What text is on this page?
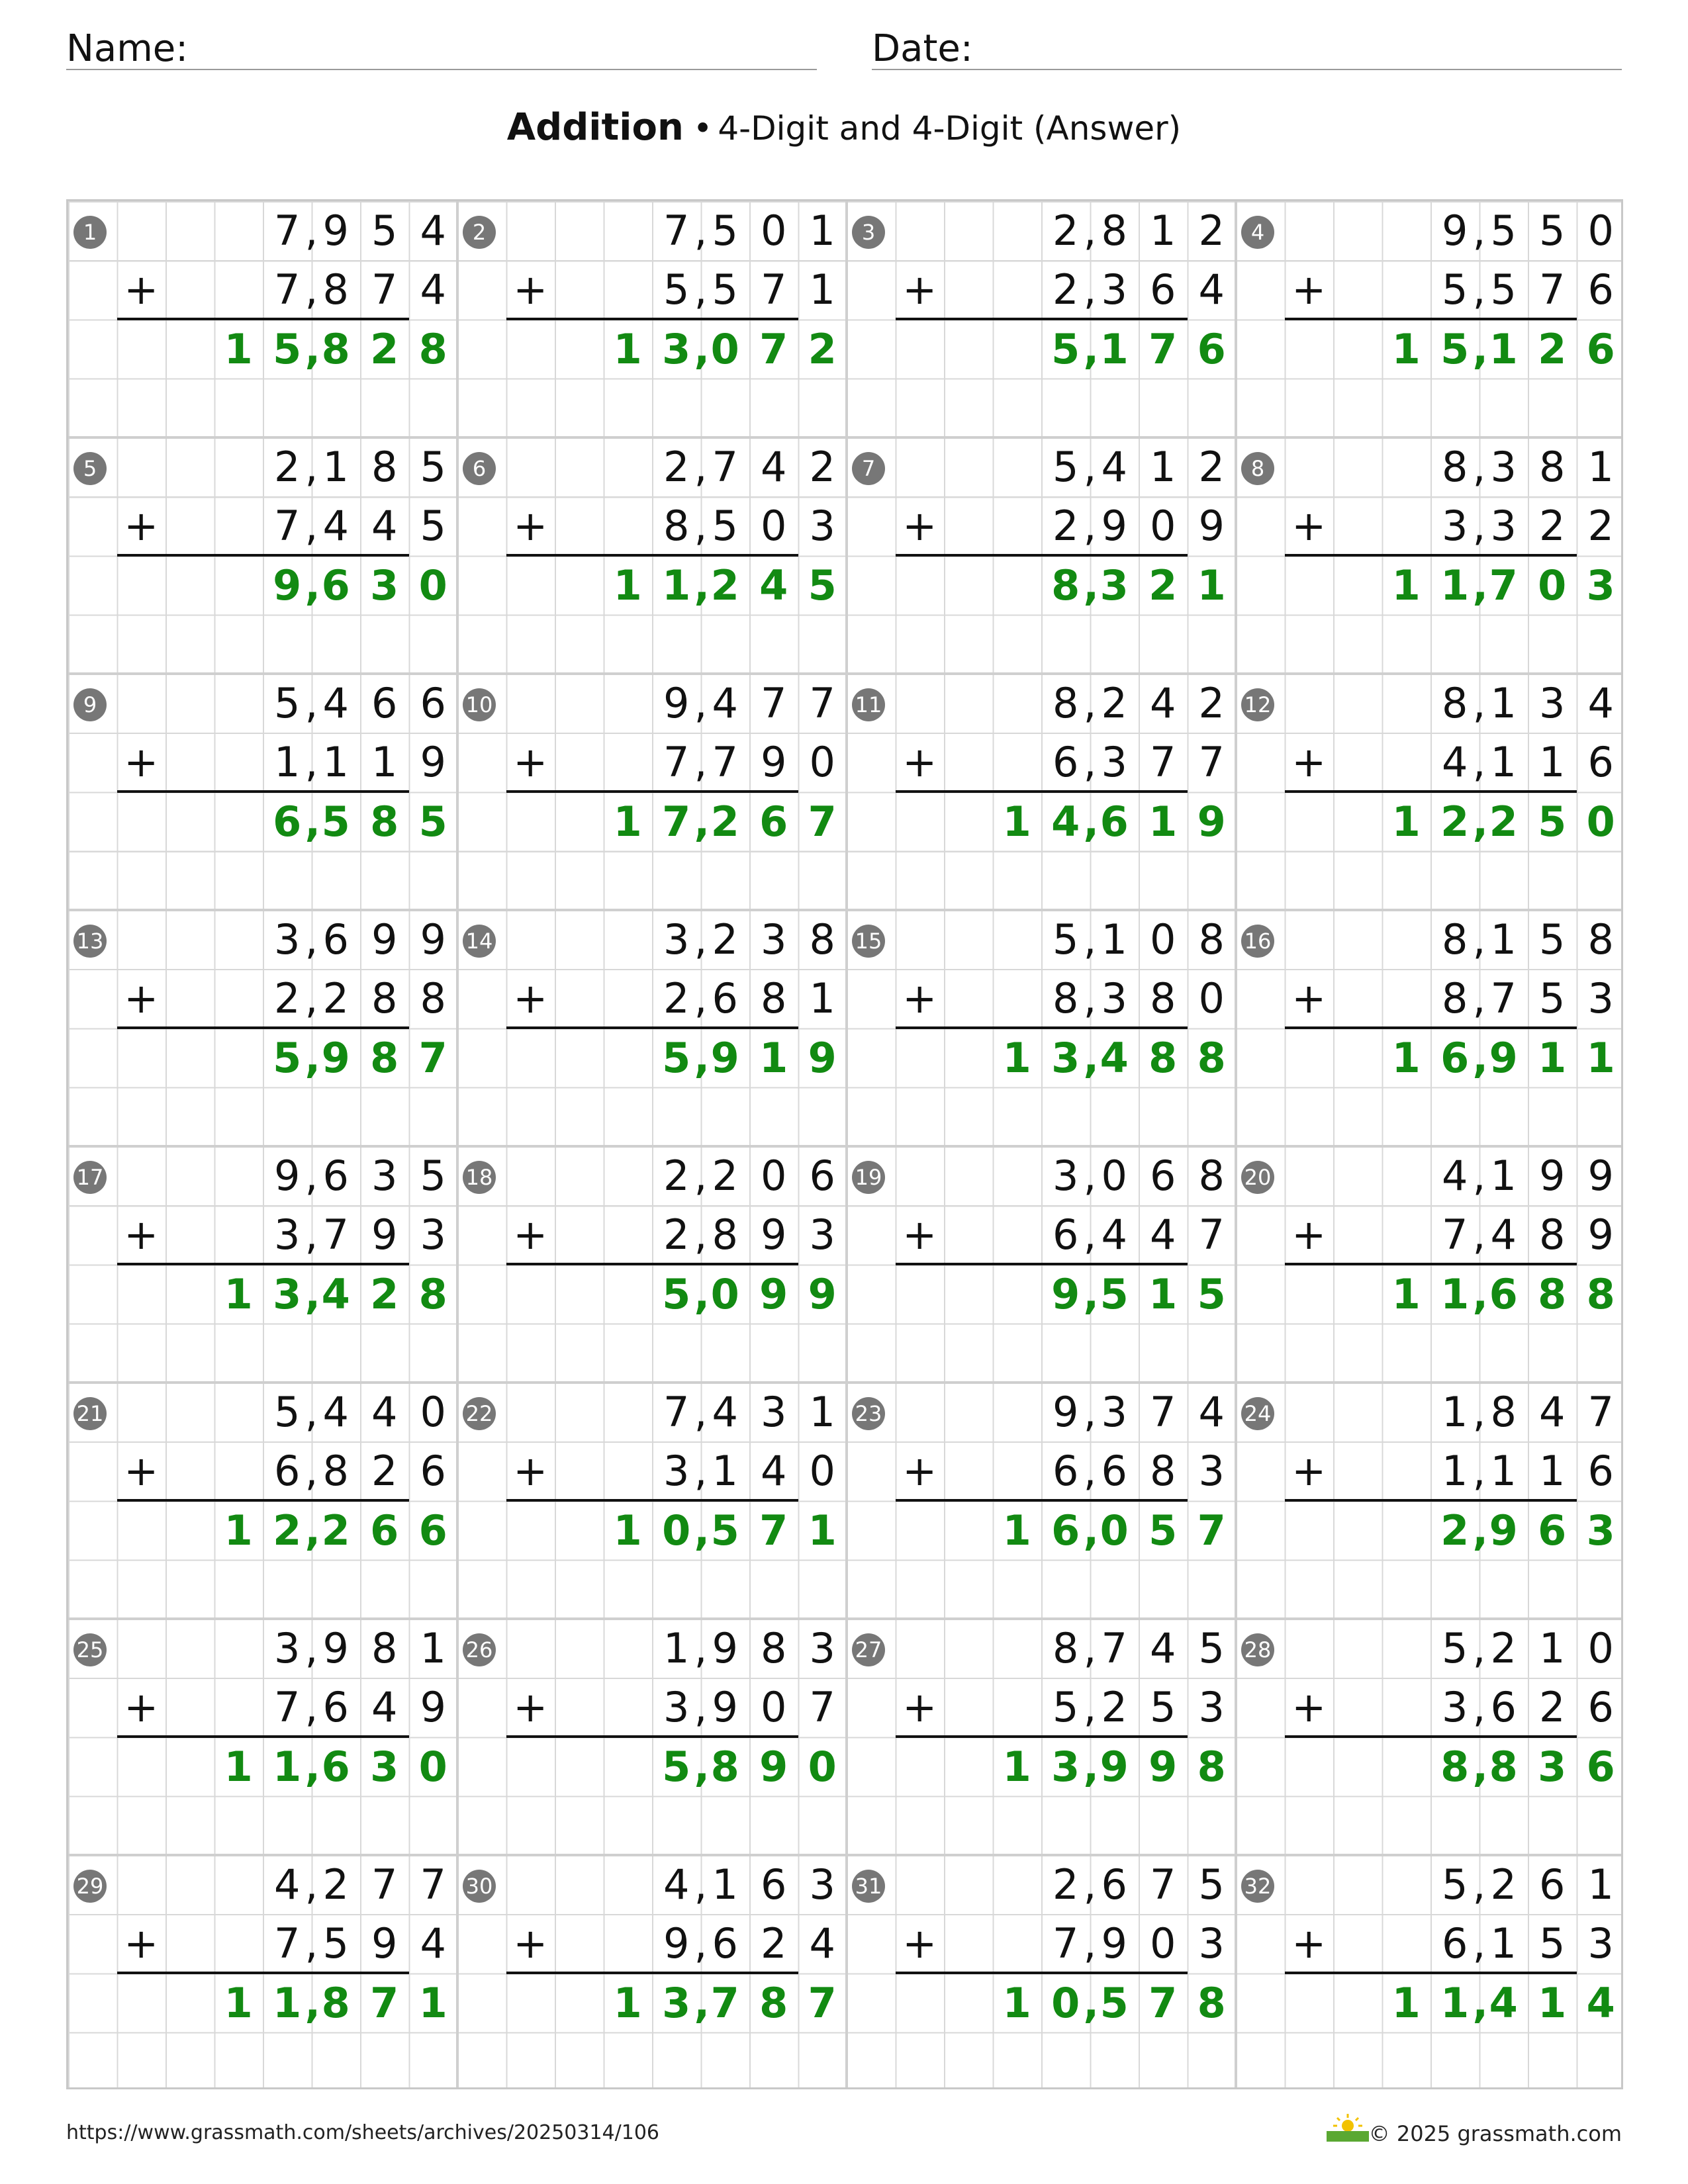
Name:	Date:
Addition • 4-Digit and 4-Digit (Answer)
1	7 9 5 4
,
+	7 8 7 4
,
1 5 8 2 8
,
2	7 5 0 1
,
+	5 5 7 1
,
1 3 0 7 2
,
3	2 8 1 2
,
+	2 3 6 4
,
5 1 7 6
,
4	9 5 5 0
,
+	5 5 7 6
,
1 5 1 2 6
,
5	2 1 8 5
,
+	7 4 4 5
,
9 6 3 0
,
6	2 7 4 2
,
+	8 5 0 3
,
1 1 2 4 5
,
7	5 4 1 2
,
+	2 9 0 9
,
8 3 2 1
,
8	8 3 8 1
,
+	3 3 2 2
,
1 1 7 0 3
,
9	5 4 6 6
,
+	1 1 1 9
,
6 5 8 5
,
10	9 4 7 7
,
+	7 7 9 0
,
1 7 2 6 7
,
11	8 2 4 2
,
+	6 3 7 7
,
1 4 6 1 9
,
12	8 1 3 4
,
+	4 1 1 6
,
1 2 2 5 0
,
13	3 6 9 9
,
+	2 2 8 8
,
5 9 8 7
,
14	3 2 3 8
,
+	2 6 8 1
,
5 9 1 9
,
15	5 1 0 8
,
+	8 3 8 0
,
1 3 4 8 8
,
16	8 1 5 8
,
+	8 7 5 3
,
1 6 9 1 1
,
17	9 6 3 5
,
+	3 7 9 3
,
1 3 4 2 8
,
18	2 2 0 6
,
+	2 8 9 3
,
5 0 9 9
,
19	3 0 6 8
,
+	6 4 4 7
,
9 5 1 5
,
20	4 1 9 9
,
+	7 4 8 9
,
1 1 6 8 8
,
21	5 4 4 0
,
+	6 8 2 6
,
1 2 2 6 6
,
22	7 4 3 1
,
+	3 1 4 0
,
1 0 5 7 1
,
23	9 3 7 4
,
+	6 6 8 3
,
1 6 0 5 7
,
24	1 8 4 7
,
+	1 1 1 6
,
2 9 6 3
,
25	3 9 8 1
,
+	7 6 4 9
,
1 1 6 3 0
,
26	1 9 8 3
,
+	3 9 0 7
,
5 8 9 0
,
27	8 7 4 5
,
+	5 2 5 3
,
1 3 9 9 8
,
28	5 2 1 0
,
+	3 6 2 6
,
8 8 3 6
,
29	4 2 7 7
,
+	7 5 9 4
,
1 1 8 7 1
,
30	4 1 6 3
,
+	9 6 2 4
,
1 3 7 8 7
,
31	2 6 7 5
,
+	7 9 0 3
,
1 0 5 7 8
,
32	5 2 6 1
,
+	6 1 5 3
,
1 1 4 1 4
,
https://www.grassmath.com/sheets/archives/20250314/106	© 2025 grassmath.com
